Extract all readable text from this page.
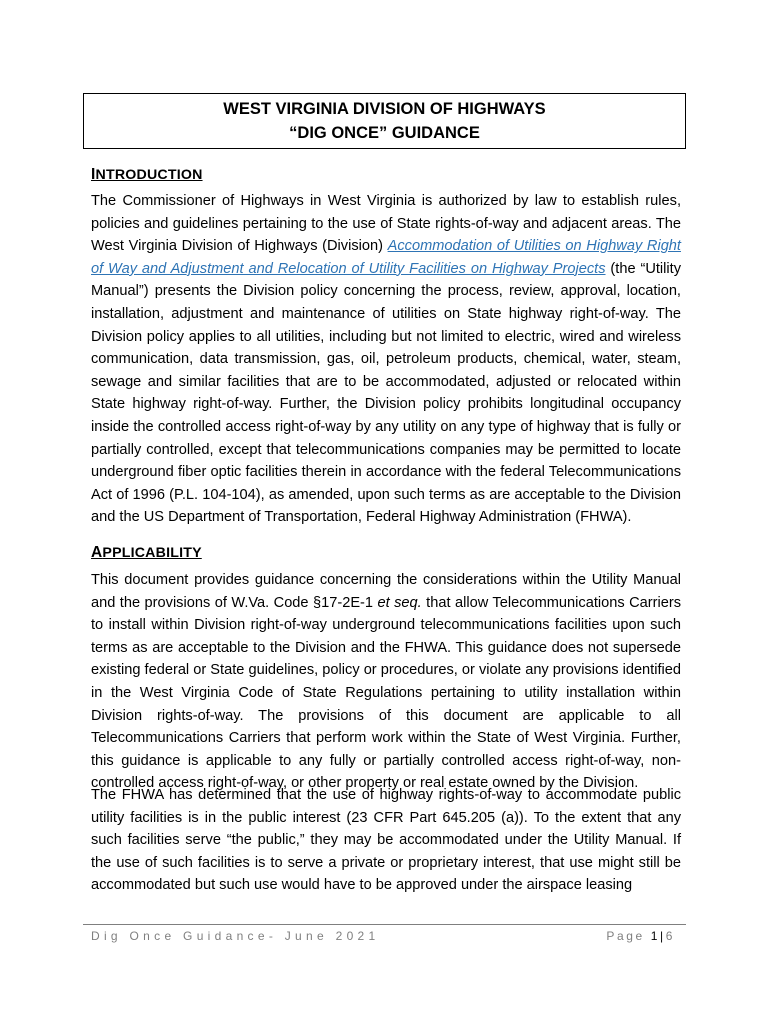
WEST VIRGINIA DIVISION OF HIGHWAYS
“DIG ONCE” GUIDANCE
INTRODUCTION
The Commissioner of Highways in West Virginia is authorized by law to establish rules, policies and guidelines pertaining to the use of State rights-of-way and adjacent areas. The West Virginia Division of Highways (Division) Accommodation of Utilities on Highway Right of Way and Adjustment and Relocation of Utility Facilities on Highway Projects (the “Utility Manual”) presents the Division policy concerning the process, review, approval, location, installation, adjustment and maintenance of utilities on State highway right-of-way. The Division policy applies to all utilities, including but not limited to electric, wired and wireless communication, data transmission, gas, oil, petroleum products, chemical, water, steam, sewage and similar facilities that are to be accommodated, adjusted or relocated within State highway right-of-way. Further, the Division policy prohibits longitudinal occupancy inside the controlled access right-of-way by any utility on any type of highway that is fully or partially controlled, except that telecommunications companies may be permitted to locate underground fiber optic facilities therein in accordance with the federal Telecommunications Act of 1996 (P.L. 104-104), as amended, upon such terms as are acceptable to the Division and the US Department of Transportation, Federal Highway Administration (FHWA).
APPLICABILITY
This document provides guidance concerning the considerations within the Utility Manual and the provisions of W.Va. Code §17-2E-1 et seq. that allow Telecommunications Carriers to install within Division right-of-way underground telecommunications facilities upon such terms as are acceptable to the Division and the FHWA. This guidance does not supersede existing federal or State guidelines, policy or procedures, or violate any provisions identified in the West Virginia Code of State Regulations pertaining to utility installation within Division rights-of-way. The provisions of this document are applicable to all Telecommunications Carriers that perform work within the State of West Virginia. Further, this guidance is applicable to any fully or partially controlled access right-of-way, non-controlled access right-of-way, or other property or real estate owned by the Division.
The FHWA has determined that the use of highway rights-of-way to accommodate public utility facilities is in the public interest (23 CFR Part 645.205 (a)). To the extent that any such facilities serve “the public,” they may be accommodated under the Utility Manual. If the use of such facilities is to serve a private or proprietary interest, that use might still be accommodated but such use would have to be approved under the airspace leasing
Dig Once Guidance- June 2021	Page 1|6
